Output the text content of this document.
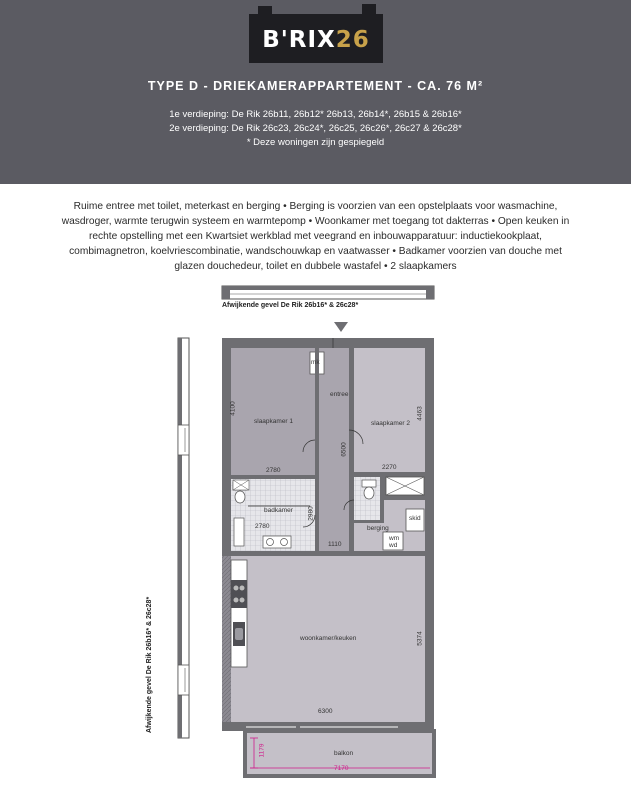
B'RIX26
TYPE D - DRIEKAMERAPPARTEMENT - CA. 76 M²
1e verdieping: De Rik 26b11, 26b12* 26b13, 26b14*, 26b15 & 26b16*
2e verdieping: De Rik 26c23, 26c24*, 26c25, 26c26*, 26c27 & 26c28*
* Deze woningen zijn gespiegeld
Ruime entree met toilet, meterkast en berging • Berging is voorzien van een opstelplaats voor wasmachine, wasdroger, warmte terugwin systeem en warmtepomp • Woonkamer met toegang tot dakterras • Open keuken in rechte opstelling met een Kwartsiet werkblad met veegrand en inbouwapparatuur: inductiekookplaat, combimagnetron, koelvriescombinatie, wandschouwkap en vaatwasser • Badkamer voorzien van douche met glazen douchedeur, toilet en dubbele wastafel • 2 slaapkamers
mk
entree
slaapkamer 1	slaapkamer 2
badkamer
berging
skid
wm
wd
woonkamer/keuken
balkon
4100	4463
6500
2780	2270
2980
2780
1110
5374
6300
1179
7170
Afwijkende gevel De Rik 26b16* & 26c28*
Afwijkende gevel De Rik 26b16* & 26c28*
